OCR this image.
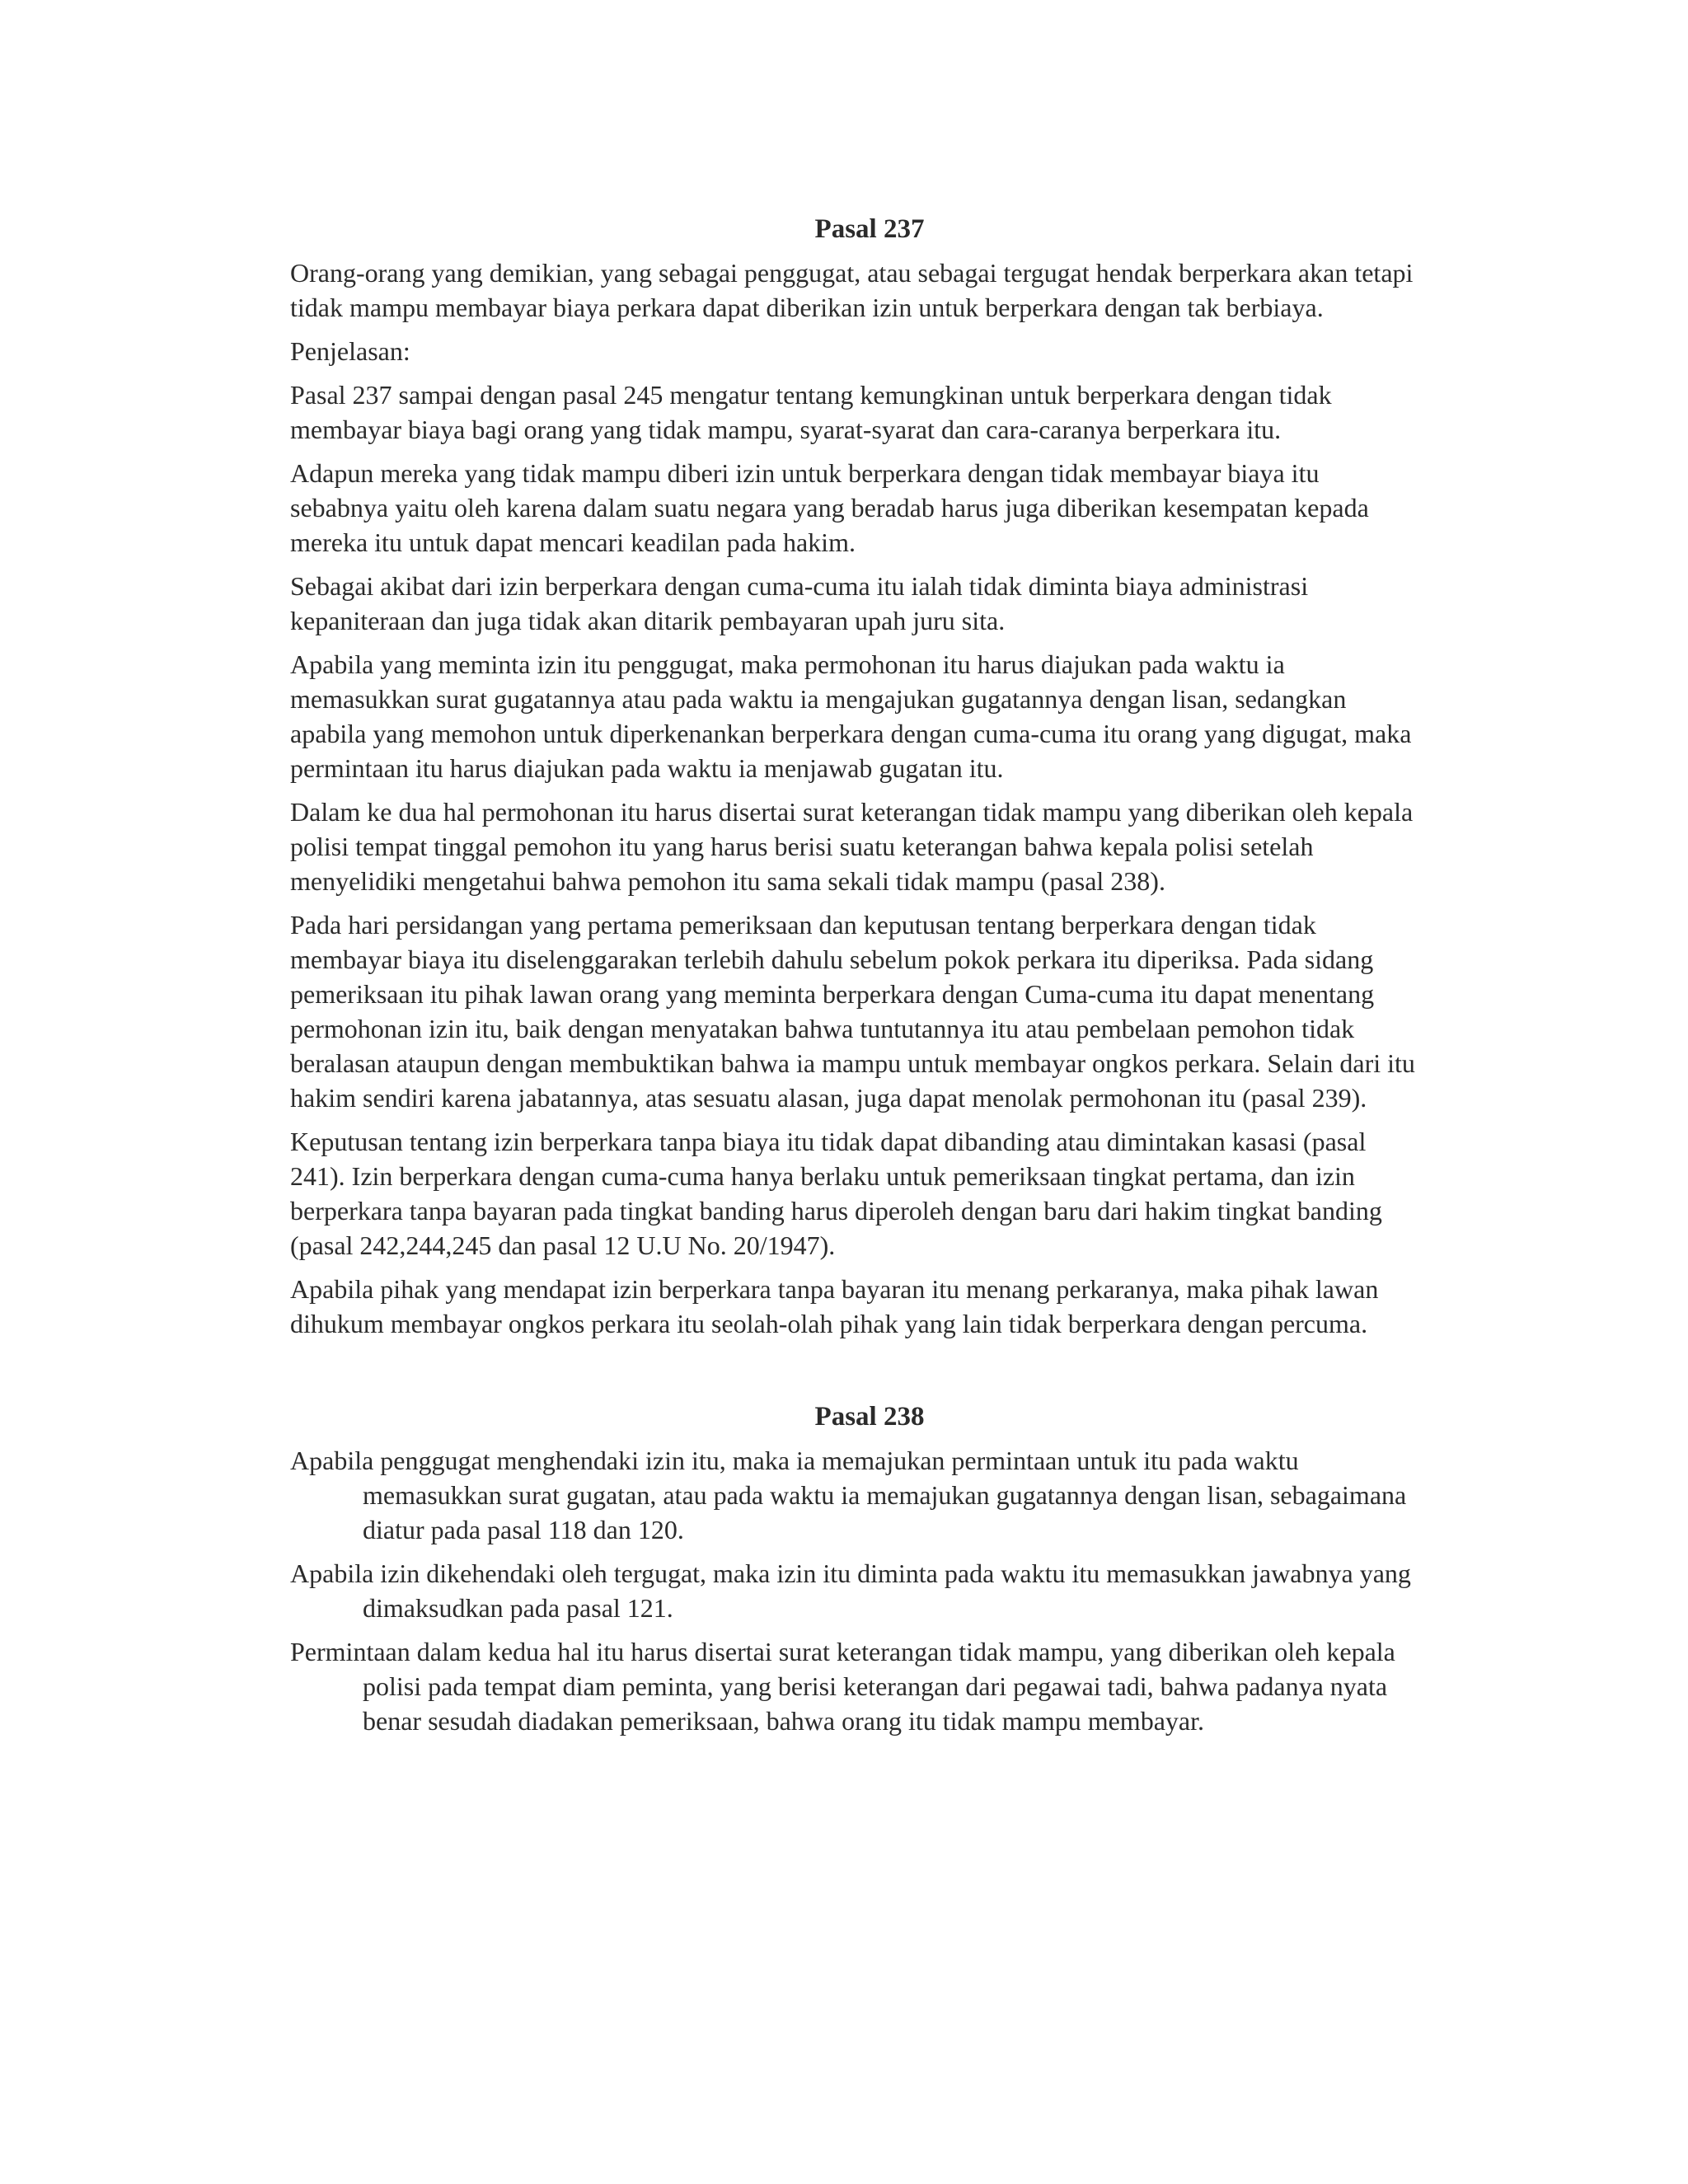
Pasal 237

Orang-orang yang demikian, yang sebagai penggugat, atau sebagai tergugat hendak berperkara akan tetapi tidak mampu membayar biaya perkara dapat diberikan izin untuk berperkara dengan tak berbiaya.

Penjelasan:

Pasal 237 sampai dengan pasal 245 mengatur tentang kemungkinan untuk berperkara dengan tidak membayar biaya bagi orang yang tidak mampu, syarat-syarat dan cara-caranya berperkara itu.

Adapun mereka yang tidak mampu diberi izin untuk berperkara dengan tidak membayar biaya itu sebabnya yaitu oleh karena dalam suatu negara yang beradab harus juga diberikan kesempatan kepada mereka itu untuk dapat mencari keadilan pada hakim.

Sebagai akibat dari izin berperkara dengan cuma-cuma itu ialah tidak diminta biaya administrasi kepaniteraan dan juga tidak akan ditarik pembayaran upah juru sita.

Apabila yang meminta izin itu penggugat, maka permohonan itu harus diajukan pada waktu ia memasukkan surat gugatannya atau pada waktu ia mengajukan gugatannya dengan lisan, sedangkan apabila yang memohon untuk diperkenankan berperkara dengan cuma-cuma itu orang yang digugat, maka permintaan itu harus diajukan pada waktu ia menjawab gugatan itu.

Dalam ke dua hal permohonan itu harus disertai surat keterangan tidak mampu yang diberikan oleh kepala polisi tempat tinggal pemohon itu yang harus berisi suatu keterangan bahwa kepala polisi setelah menyelidiki mengetahui bahwa pemohon itu sama sekali tidak mampu (pasal 238).

Pada hari persidangan yang pertama pemeriksaan dan keputusan tentang berperkara dengan tidak membayar biaya itu diselenggarakan terlebih dahulu sebelum pokok perkara itu diperiksa. Pada sidang pemeriksaan itu pihak lawan orang yang meminta berperkara dengan Cuma-cuma itu dapat menentang permohonan izin itu, baik dengan menyatakan bahwa tuntutannya itu atau pembelaan pemohon tidak beralasan ataupun dengan membuktikan bahwa ia mampu untuk membayar ongkos perkara. Selain dari itu hakim sendiri karena jabatannya, atas sesuatu alasan, juga dapat menolak permohonan itu (pasal 239).

Keputusan tentang izin berperkara tanpa biaya itu tidak dapat dibanding atau dimintakan kasasi (pasal 241). Izin berperkara dengan cuma-cuma hanya berlaku untuk pemeriksaan tingkat pertama, dan izin berperkara tanpa bayaran pada tingkat banding harus diperoleh dengan baru dari hakim tingkat banding (pasal 242,244,245 dan pasal 12 U.U No. 20/1947).

Apabila pihak yang mendapat izin berperkara tanpa bayaran itu menang perkaranya, maka pihak lawan dihukum membayar ongkos perkara itu seolah-olah pihak yang lain tidak berperkara dengan percuma.

Pasal 238

Apabila penggugat menghendaki izin itu, maka ia memajukan permintaan untuk itu pada waktu memasukkan surat gugatan, atau pada waktu ia memajukan gugatannya dengan lisan, sebagaimana diatur pada pasal 118 dan 120.

Apabila izin dikehendaki oleh tergugat, maka izin itu diminta pada waktu itu memasukkan jawabnya yang dimaksudkan pada pasal 121.

Permintaan dalam kedua hal itu harus disertai surat keterangan tidak mampu, yang diberikan oleh kepala polisi pada tempat diam peminta, yang berisi keterangan dari pegawai tadi, bahwa padanya nyata benar sesudah diadakan pemeriksaan, bahwa orang itu tidak mampu membayar.
